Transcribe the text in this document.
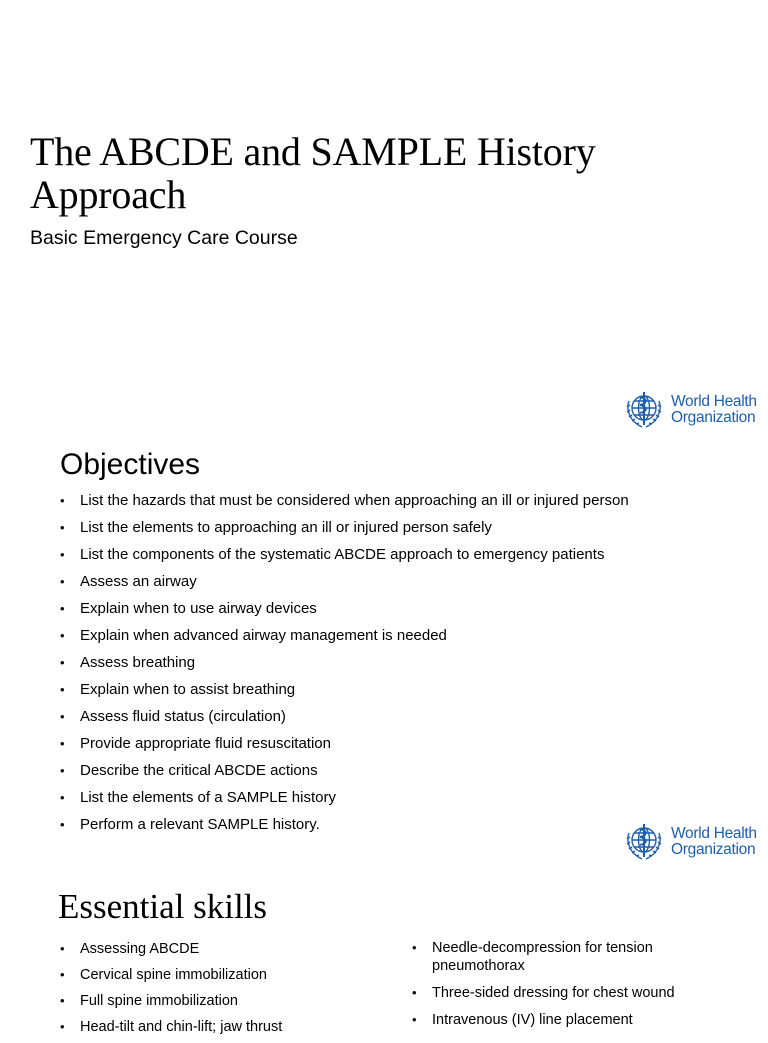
The ABCDE and SAMPLE History Approach
Basic Emergency Care Course
World Health
Organization
Objectives
• List the hazards that must be considered when approaching an ill or injured person
• List the elements to approaching an ill or injured person safely
• List the components of the systematic ABCDE approach to emergency patients
• Assess an airway
• Explain when to use airway devices
• Explain when advanced airway management is needed
• Assess breathing
• Explain when to assist breathing
• Assess fluid status (circulation)
• Provide appropriate fluid resuscitation
• Describe the critical ABCDE actions
• List the elements of a SAMPLE history
• Perform a relevant SAMPLE history.
World Health
Organization
Essential skills
• Assessing ABCDE
• Cervical spine immobilization
• Full spine immobilization
• Head-tilt and chin-lift; jaw thrust
• Needle-decompression for tension pneumothorax
• Three-sided dressing for chest wound
• Intravenous (IV) line placement
